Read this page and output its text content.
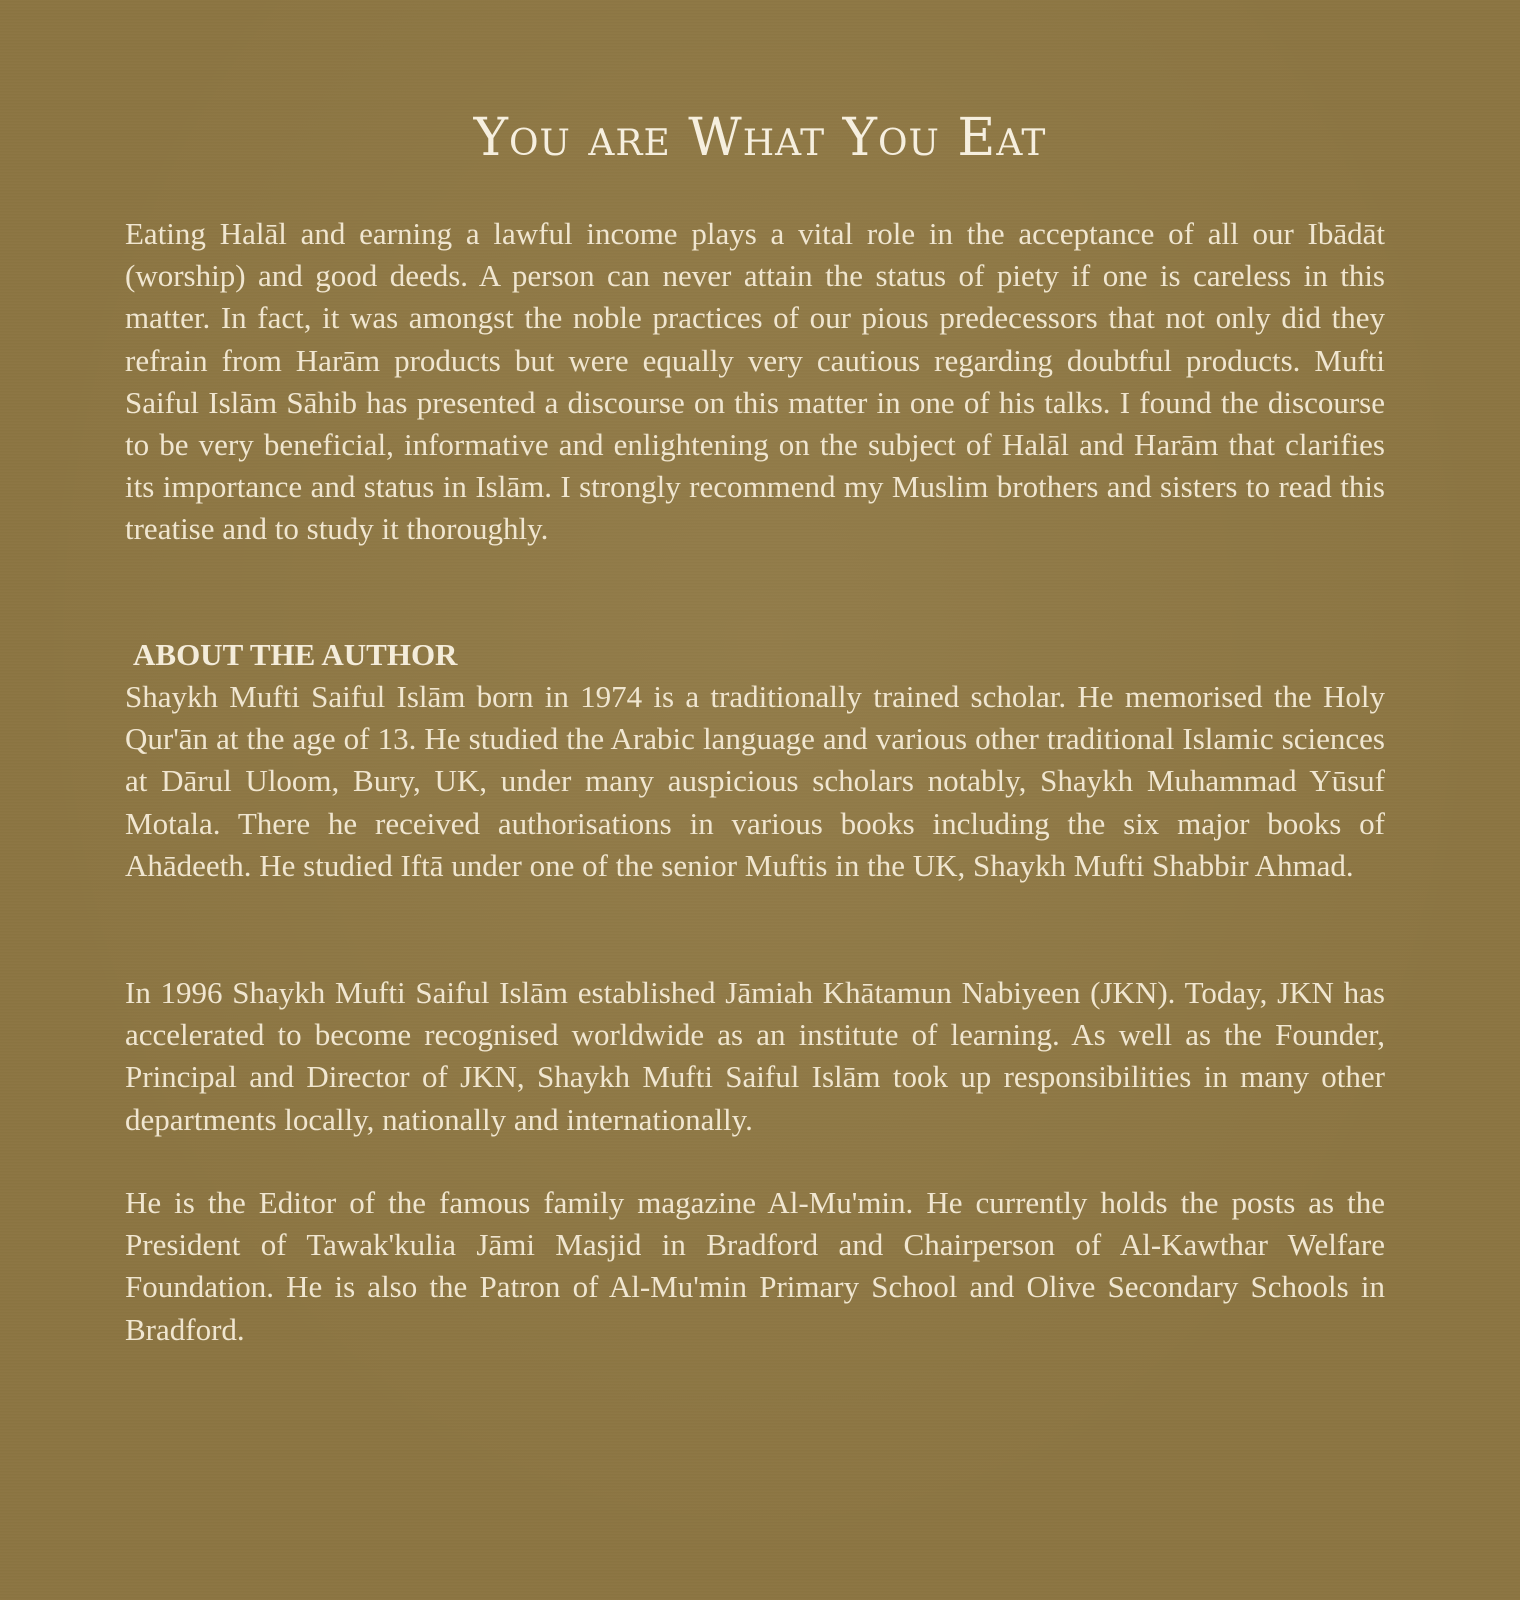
You are What You Eat

Eating Halāl and earning a lawful income plays a vital role in the acceptance of all our Ibādāt (worship) and good deeds. A person can never attain the status of piety if one is careless in this matter. In fact, it was amongst the noble practices of our pious predecessors that not only did they refrain from Harām products but were equally very cautious regarding doubtful products. Mufti Saiful Islām Sāhib has presented a discourse on this matter in one of his talks. I found the discourse to be very beneficial, informative and enlightening on the subject of Halāl and Harām that clarifies its importance and status in Islām. I strongly recommend my Muslim brothers and sisters to read this treatise and to study it thoroughly.

ABOUT THE AUTHOR

Shaykh Mufti Saiful Islām born in 1974 is a traditionally trained scholar. He memorised the Holy Qur'ān at the age of 13. He studied the Arabic language and various other traditional Islamic sciences at Dārul Uloom, Bury, UK, under many auspicious scholars notably, Shaykh Muhammad Yūsuf Motala. There he received authorisations in various books including the six major books of Ahādeeth. He studied Iftā under one of the senior Muftis in the UK, Shaykh Mufti Shabbir Ahmad.

In 1996 Shaykh Mufti Saiful Islām established Jāmiah Khātamun Nabiyeen (JKN). Today, JKN has accelerated to become recognised worldwide as an institute of learning. As well as the Founder, Principal and Director of JKN, Shaykh Mufti Saiful Islām took up responsibilities in many other departments locally, nationally and internationally.

He is the Editor of the famous family magazine Al-Mu'min. He currently holds the posts as the President of Tawak'kulia Jāmi Masjid in Bradford and Chairperson of Al-Kawthar Welfare Foundation. He is also the Patron of Al-Mu'min Primary School and Olive Secondary Schools in Bradford.
